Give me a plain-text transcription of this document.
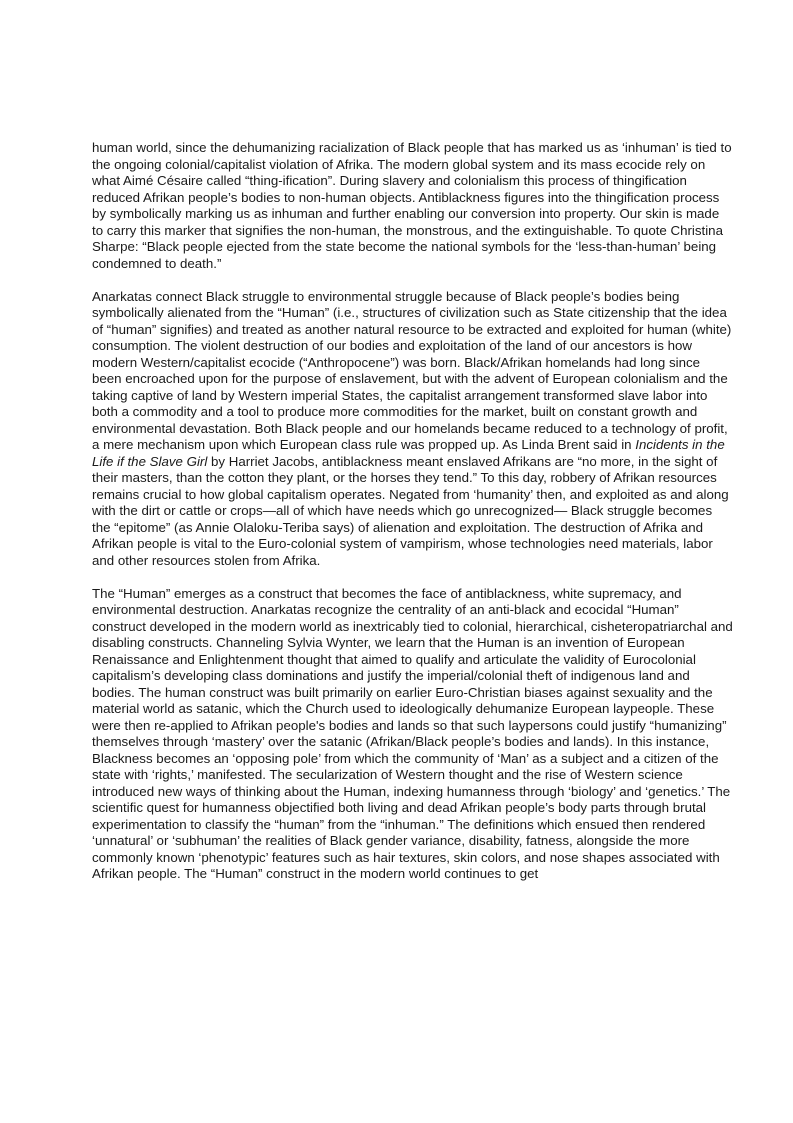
human world, since the dehumanizing racialization of Black people that has marked us as ‘inhuman’ is tied to the ongoing colonial/capitalist violation of Afrika. The modern global system and its mass ecocide rely on what Aimé Césaire called “thing-ification”. During slavery and colonialism this process of thingification reduced Afrikan people’s bodies to non-human objects. Antiblackness figures into the thingification process by symbolically marking us as inhuman and further enabling our conversion into property. Our skin is made to carry this marker that signifies the non-human, the monstrous, and the extinguishable. To quote Christina Sharpe: “Black people ejected from the state become the national symbols for the ‘less-than-human’ being condemned to death.”

Anarkatas connect Black struggle to environmental struggle because of Black people’s bodies being symbolically alienated from the “Human” (i.e., structures of civilization such as State citizenship that the idea of “human” signifies) and treated as another natural resource to be extracted and exploited for human (white) consumption. The violent destruction of our bodies and exploitation of the land of our ancestors is how modern Western/capitalist ecocide (“Anthropocene”) was born. Black/Afrikan homelands had long since been encroached upon for the purpose of enslavement, but with the advent of European colonialism and the taking captive of land by Western imperial States, the capitalist arrangement transformed slave labor into both a commodity and a tool to produce more commodities for the market, built on constant growth and environmental devastation. Both Black people and our homelands became reduced to a technology of profit, a mere mechanism upon which European class rule was propped up. As Linda Brent said in Incidents in the Life if the Slave Girl by Harriet Jacobs, antiblackness meant enslaved Afrikans are “no more, in the sight of their masters, than the cotton they plant, or the horses they tend.” To this day, robbery of Afrikan resources remains crucial to how global capitalism operates. Negated from ‘humanity’ then, and exploited as and along with the dirt or cattle or crops—all of which have needs which go unrecognized— Black struggle becomes the “epitome” (as Annie Olaloku-Teriba says) of alienation and exploitation. The destruction of Afrika and Afrikan people is vital to the Euro-colonial system of vampirism, whose technologies need materials, labor and other resources stolen from Afrika.

The “Human” emerges as a construct that becomes the face of antiblackness, white supremacy, and environmental destruction. Anarkatas recognize the centrality of an anti-black and ecocidal “Human” construct developed in the modern world as inextricably tied to colonial, hierarchical, cisheteropatriarchal and disabling constructs. Channeling Sylvia Wynter, we learn that the Human is an invention of European Renaissance and Enlightenment thought that aimed to qualify and articulate the validity of Eurocolonial capitalism’s developing class dominations and justify the imperial/colonial theft of indigenous land and bodies. The human construct was built primarily on earlier Euro-Christian biases against sexuality and the material world as satanic, which the Church used to ideologically dehumanize European laypeople. These were then re-applied to Afrikan people's bodies and lands so that such laypersons could justify “humanizing” themselves through ‘mastery’ over the satanic (Afrikan/Black people’s bodies and lands). In this instance, Blackness becomes an ‘opposing pole’ from which the community of ‘Man’ as a subject and a citizen of the state with ‘rights,’ manifested. The secularization of Western thought and the rise of Western science introduced new ways of thinking about the Human, indexing humanness through ‘biology’ and ‘genetics.’ The scientific quest for humanness objectified both living and dead Afrikan people’s body parts through brutal experimentation to classify the “human” from the “inhuman.” The definitions which ensued then rendered ‘unnatural’ or ‘subhuman’ the realities of Black gender variance, disability, fatness, alongside the more commonly known ‘phenotypic’ features such as hair textures, skin colors, and nose shapes associated with Afrikan people. The “Human” construct in the modern world continues to get
